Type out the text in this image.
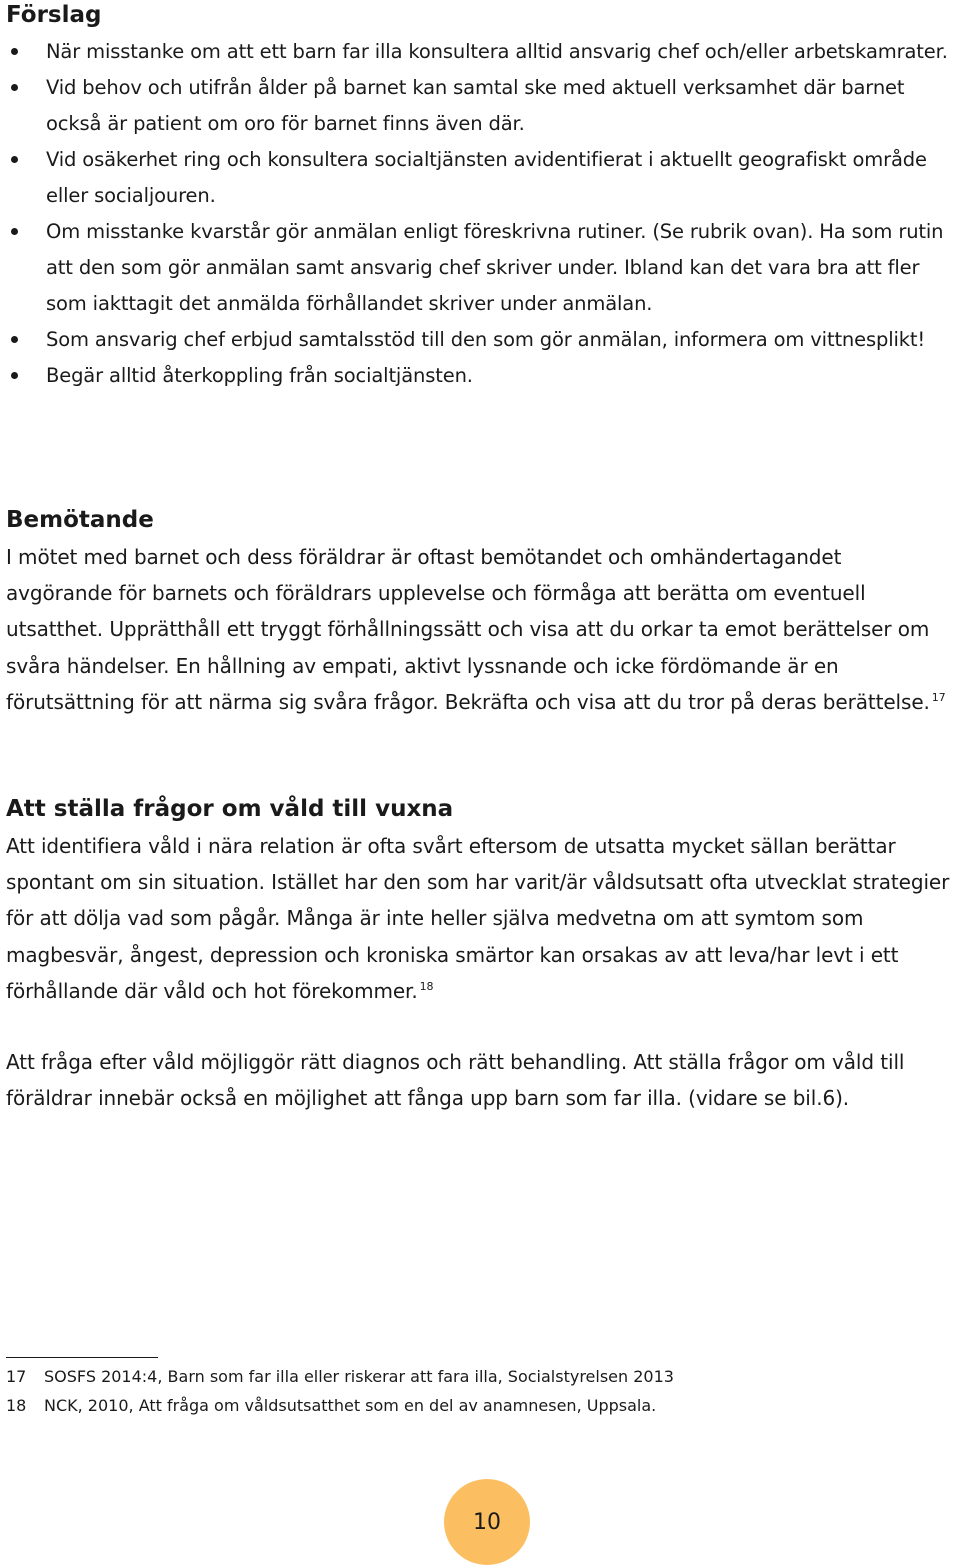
Förslag
När misstanke om att ett barn far illa konsultera alltid ansvarig chef och/eller arbetskamrater.
Vid behov och utifrån ålder på barnet kan samtal ske med aktuell verksamhet där barnet också är patient om oro för barnet finns även där.
Vid osäkerhet ring och konsultera socialtjänsten avidentifierat i aktuellt geografiskt område eller socialjouren.
Om misstanke kvarstår gör anmälan enligt föreskrivna rutiner. (Se rubrik ovan). Ha som rutin att den som gör anmälan samt ansvarig chef skriver under. Ibland kan det vara bra att fler som iakttagit det anmälda förhållandet skriver under anmälan.
Som ansvarig chef erbjud samtalsstöd till den som gör anmälan, informera om vittnesplikt!
Begär alltid återkoppling från socialtjänsten.
Bemötande

I mötet med barnet och dess föräldrar är oftast bemötandet och omhändertagandet avgörande för barnets och föräldrars upplevelse och förmåga att berätta om eventuell utsatthet. Upprätthåll ett tryggt förhållningssätt och visa att du orkar ta emot berättelser om svåra händelser. En hållning av empati, aktivt lyssnande och icke fördömande är en förutsättning för att närma sig svåra frågor. Bekräfta och visa att du tror på deras berättelse. $^{17}$

Att ställa frågor om våld till vuxna

Att identifiera våld i nära relation är ofta svårt eftersom de utsatta mycket sällan berättar spontant om sin situation. Istället har den som har varit/är våldsutsatt ofta utvecklat strategier för att dölja vad som pågår. Många är inte heller själva medvetna om att symtom som magbesvär, ångest, depression och kroniska smärtor kan orsakas av att leva/har levt i ett förhållande där våld och hot förekommer. $^{18}$

Att fråga efter våld möjliggör rätt diagnos och rätt behandling. Att ställa frågor om våld till föräldrar innebär också en möjlighet att fånga upp barn som far illa. (vidare se bil.6).

17	SOSFS 2014:4, Barn som far illa eller riskerar att fara illa, Socialstyrelsen 2013
18	NCK, 2010, Att fråga om våldsutsatthet som en del av anamnesen, Uppsala.
10
